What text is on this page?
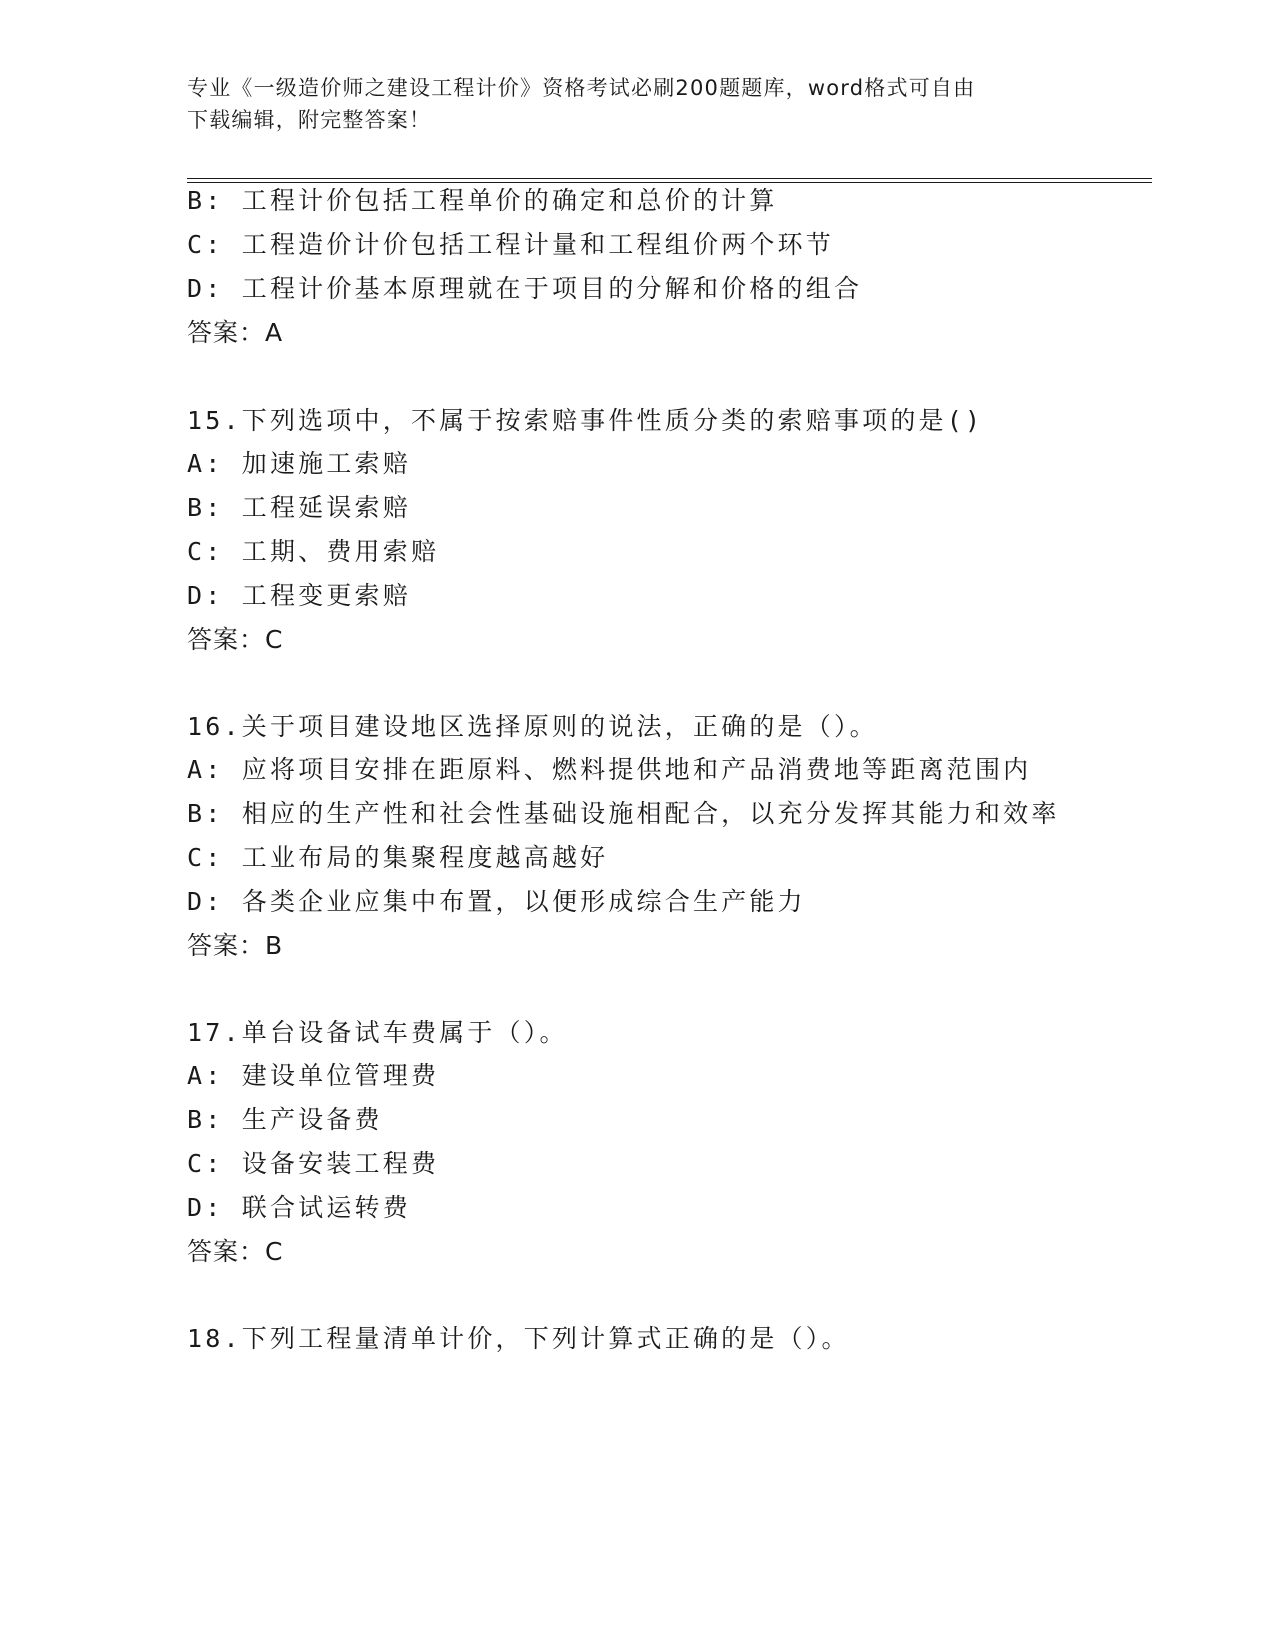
专业《一级造价师之建设工程计价》资格考试必刷200题题库，word格式可自由
下载编辑，附完整答案！
B: 工程计价包括工程单价的确定和总价的计算
C: 工程造价计价包括工程计量和工程组价两个环节
D: 工程计价基本原理就在于项目的分解和价格的组合
答案：A
15.下列选项中，不属于按索赔事件性质分类的索赔事项的是()
A: 加速施工索赔
B: 工程延误索赔
C: 工期、费用索赔
D: 工程变更索赔
答案：C
16.关于项目建设地区选择原则的说法，正确的是（）。
A: 应将项目安排在距原料、燃料提供地和产品消费地等距离范围内
B: 相应的生产性和社会性基础设施相配合，以充分发挥其能力和效率
C: 工业布局的集聚程度越高越好
D: 各类企业应集中布置，以便形成综合生产能力
答案：B
17.单台设备试车费属于（）。
A: 建设单位管理费
B: 生产设备费
C: 设备安装工程费
D: 联合试运转费
答案：C
18.下列工程量清单计价，下列计算式正确的是（）。
